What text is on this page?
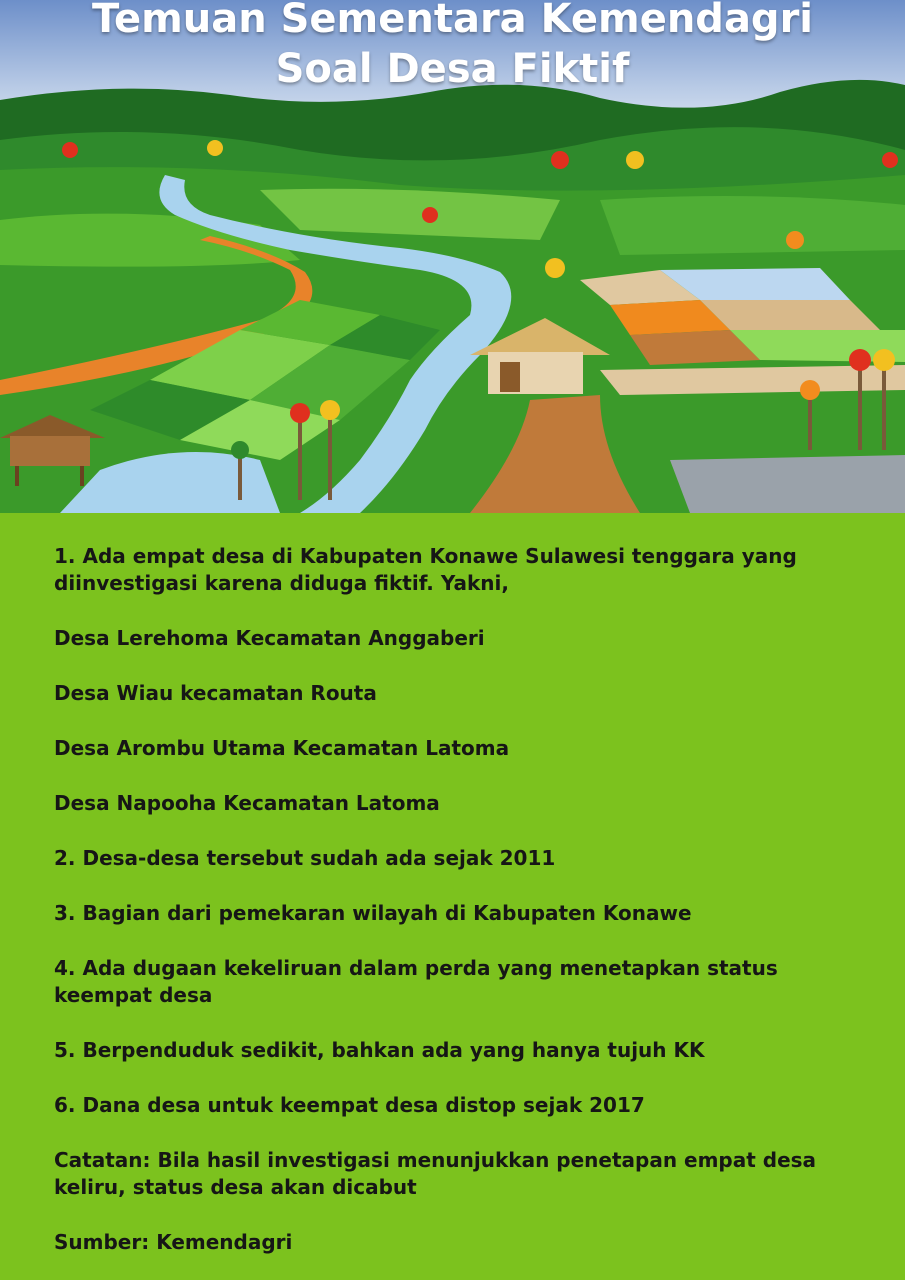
Temuan Sementara Kemendagri
Soal Desa Fiktif

1. Ada empat desa di Kabupaten Konawe Sulawesi tenggara yang diinvestigasi karena diduga fiktif. Yakni,

Desa Lerehoma Kecamatan Anggaberi

Desa Wiau kecamatan Routa

Desa Arombu Utama Kecamatan Latoma

Desa Napooha Kecamatan Latoma

2. Desa-desa tersebut sudah ada sejak 2011

3. Bagian dari pemekaran wilayah di Kabupaten Konawe

4. Ada dugaan kekeliruan dalam perda yang menetapkan status keempat desa

5. Berpenduduk sedikit, bahkan ada yang hanya tujuh KK

6. Dana desa untuk keempat desa distop sejak 2017

Catatan: Bila hasil investigasi menunjukkan penetapan empat desa keliru, status desa akan dicabut

Sumber: Kemendagri
